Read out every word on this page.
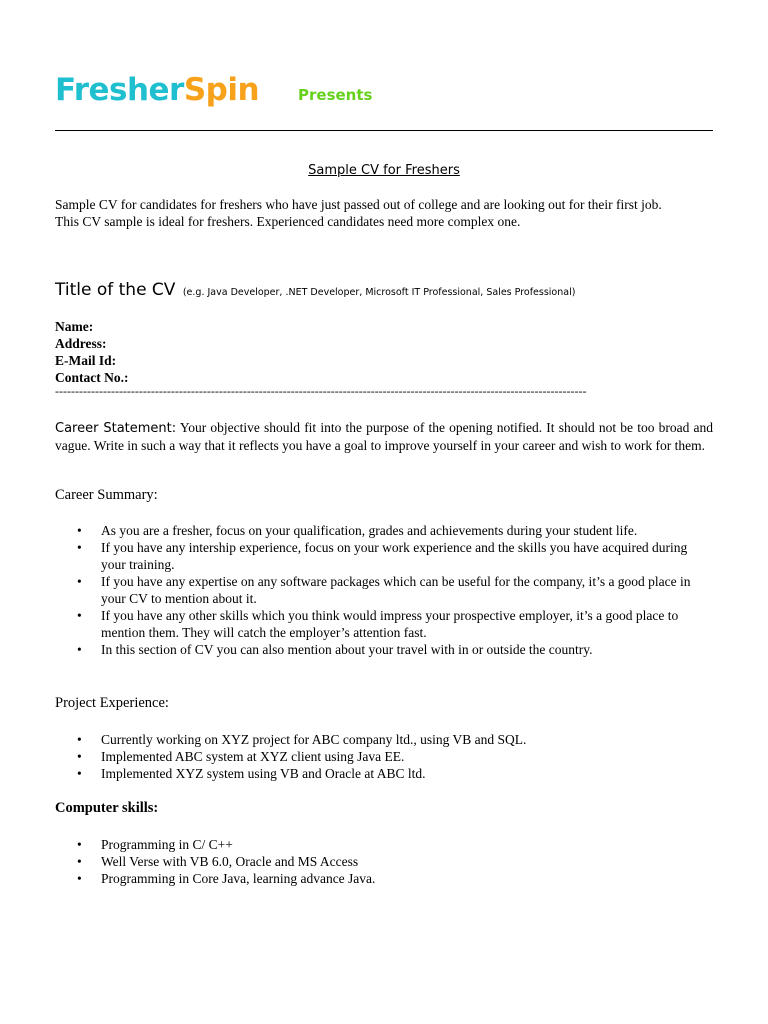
FresherSpin	Presents
Sample CV for Freshers

Sample CV for candidates for freshers who have just passed out of college and are looking out for their first job.

This CV sample is ideal for freshers. Experienced candidates need more complex one.

Title of the CV (e.g. Java Developer, .NET Developer, Microsoft IT Professional, Sales Professional)
Name:
Address:
E-Mail Id:
Contact No.:
-------------------------------------------------------------------------------------------------------------------------------------
Career Statement: Your objective should fit into the purpose of the opening notified. It should not be too broad and vague. Write in such a way that it reflects you have a goal to improve yourself in your career and wish to work for them.
Career Summary:
• As you are a fresher, focus on your qualification, grades and achievements during your student life.
• If you have any intership experience, focus on your work experience and the skills you have acquired during your training.
• If you have any expertise on any software packages which can be useful for the company, it’s a good place in your CV to mention about it.
• If you have any other skills which you think would impress your prospective employer, it’s a good place to mention them. They will catch the employer’s attention fast.
• In this section of CV you can also mention about your travel with in or outside the country.
Project Experience:
• Currently working on XYZ project for ABC company ltd., using VB and SQL.
• Implemented ABC system at XYZ client using Java EE.
• Implemented XYZ system using VB and Oracle at ABC ltd.
Computer skills:
• Programming in C/ C++
• Well Verse with VB 6.0, Oracle and MS Access
• Programming in Core Java, learning advance Java.
